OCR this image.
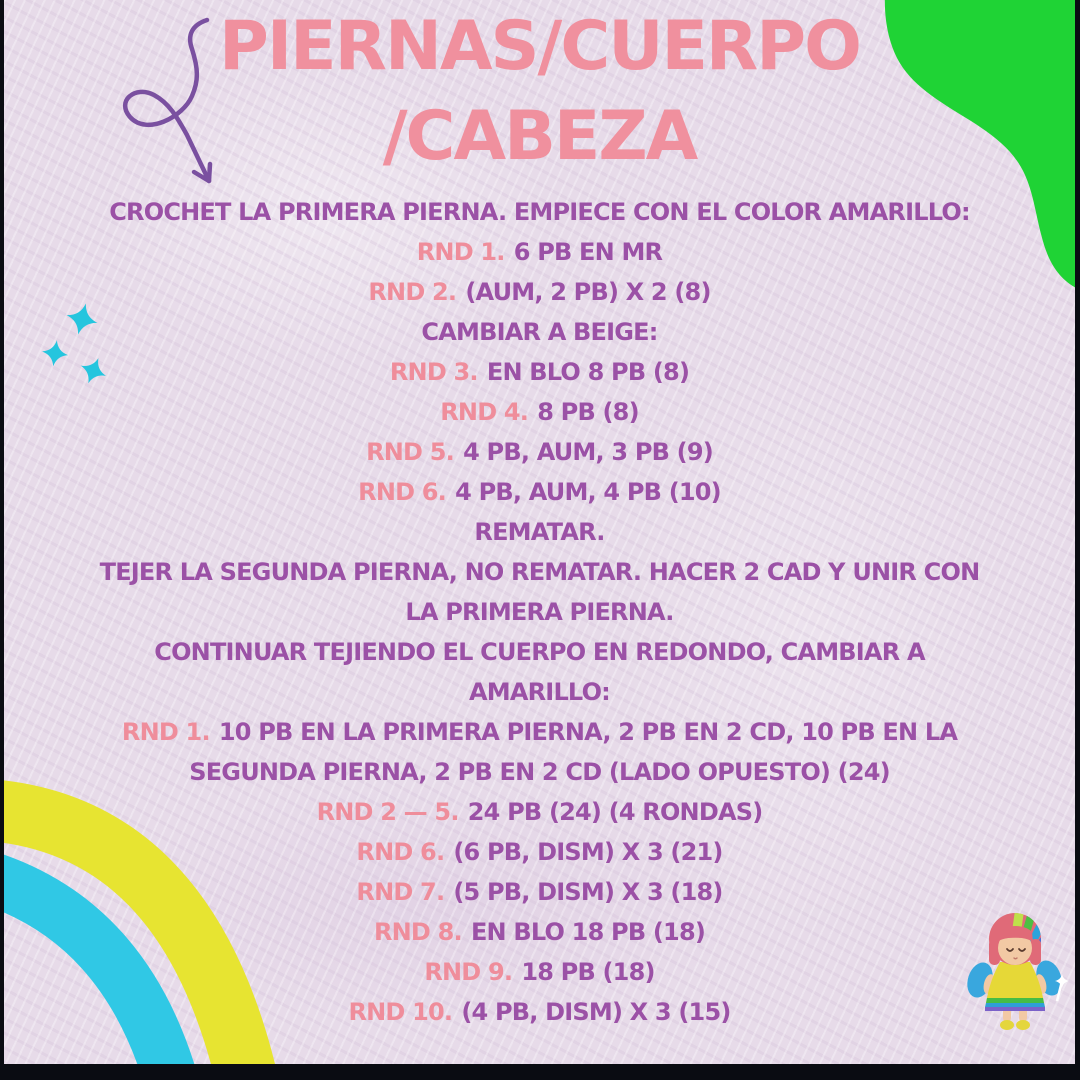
PIERNAS/CUERPO
/CABEZA
CROCHET LA PRIMERA PIERNA. EMPIECE CON EL COLOR AMARILLO:
RND 1. 6 PB EN MR
RND 2. (AUM, 2 PB) X 2 (8)
CAMBIAR A BEIGE:
RND 3. EN BLO 8 PB (8)
RND 4. 8 PB (8)
RND 5. 4 PB, AUM, 3 PB (9)
RND 6. 4 PB, AUM, 4 PB (10)
REMATAR.
TEJER LA SEGUNDA PIERNA, NO REMATAR. HACER 2 CAD Y UNIR CON
LA PRIMERA PIERNA.
CONTINUAR TEJIENDO EL CUERPO EN REDONDO, CAMBIAR A
AMARILLO:
RND 1. 10 PB EN LA PRIMERA PIERNA, 2 PB EN 2 CD, 10 PB EN LA
SEGUNDA PIERNA, 2 PB EN 2 CD (LADO OPUESTO) (24)
RND 2 — 5. 24 PB (24) (4 RONDAS)
RND 6. (6 PB, DISM) X 3 (21)
RND 7. (5 PB, DISM) X 3 (18)
RND 8. EN BLO 18 PB (18)
RND 9. 18 PB (18)
RND 10. (4 PB, DISM) X 3 (15)
